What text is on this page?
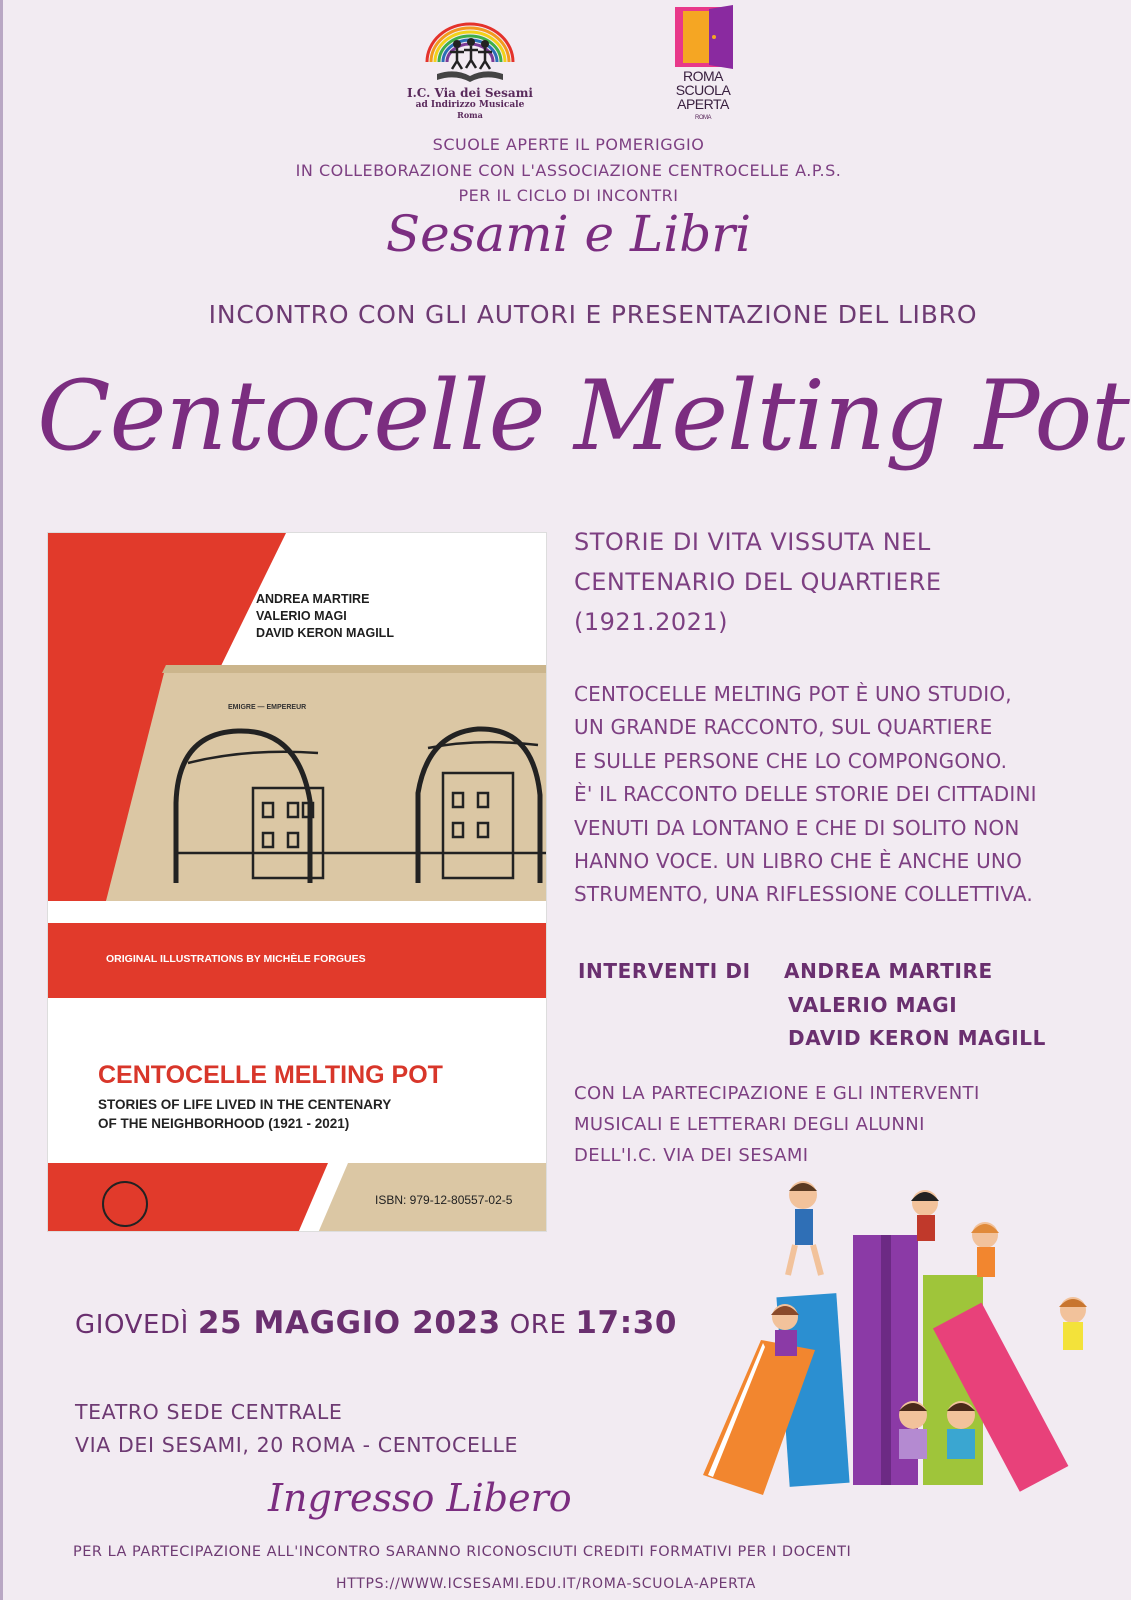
I.C. Via dei Sesami
ad Indirizzo Musicale
Roma
ROMA
SCUOLA
APERTA
ROMA
SCUOLE APERTE IL POMERIGGIO
IN COLLEBORAZIONE CON L'ASSOCIAZIONE CENTROCELLE A.P.S.
PER IL CICLO DI INCONTRI
Sesami e Libri
INCONTRO CON GLI AUTORI E PRESENTAZIONE DEL LIBRO
Centocelle Melting Pot
EMIGRE — EMPEREUR
ANDREA MARTIRE
VALERIO MAGI
DAVID KERON MAGILL
ORIGINAL ILLUSTRATIONS BY MICHÈLE FORGUES
CENTOCELLE MELTING POT
STORIES OF LIFE LIVED IN THE CENTENARY
OF THE NEIGHBORHOOD (1921 - 2021)
ISBN: 979-12-80557-02-5
STORIE DI VITA VISSUTA NEL
CENTENARIO DEL QUARTIERE
(1921.2021)
CENTOCELLE MELTING POT È UNO STUDIO,
UN GRANDE RACCONTO, SUL QUARTIERE
E SULLE PERSONE CHE LO COMPONGONO.
È' IL RACCONTO DELLE STORIE DEI CITTADINI
VENUTI DA LONTANO E CHE DI SOLITO NON
HANNO VOCE. UN LIBRO CHE È ANCHE UNO
STRUMENTO, UNA RIFLESSIONE COLLETTIVA.
INTERVENTI DI ANDREA MARTIRE
VALERIO MAGI
DAVID KERON MAGILL
CON LA PARTECIPAZIONE E GLI INTERVENTI
MUSICALI E LETTERARI DEGLI ALUNNI
DELL'I.C. VIA DEI SESAMI
GIOVEDÌ 25 MAGGIO 2023 ORE 17:30
TEATRO SEDE CENTRALE
VIA DEI SESAMI, 20 ROMA - CENTOCELLE
Ingresso Libero
PER LA PARTECIPAZIONE ALL'INCONTRO SARANNO RICONOSCIUTI CREDITI FORMATIVI PER I DOCENTI
HTTPS://WWW.ICSESAMI.EDU.IT/ROMA-SCUOLA-APERTA
